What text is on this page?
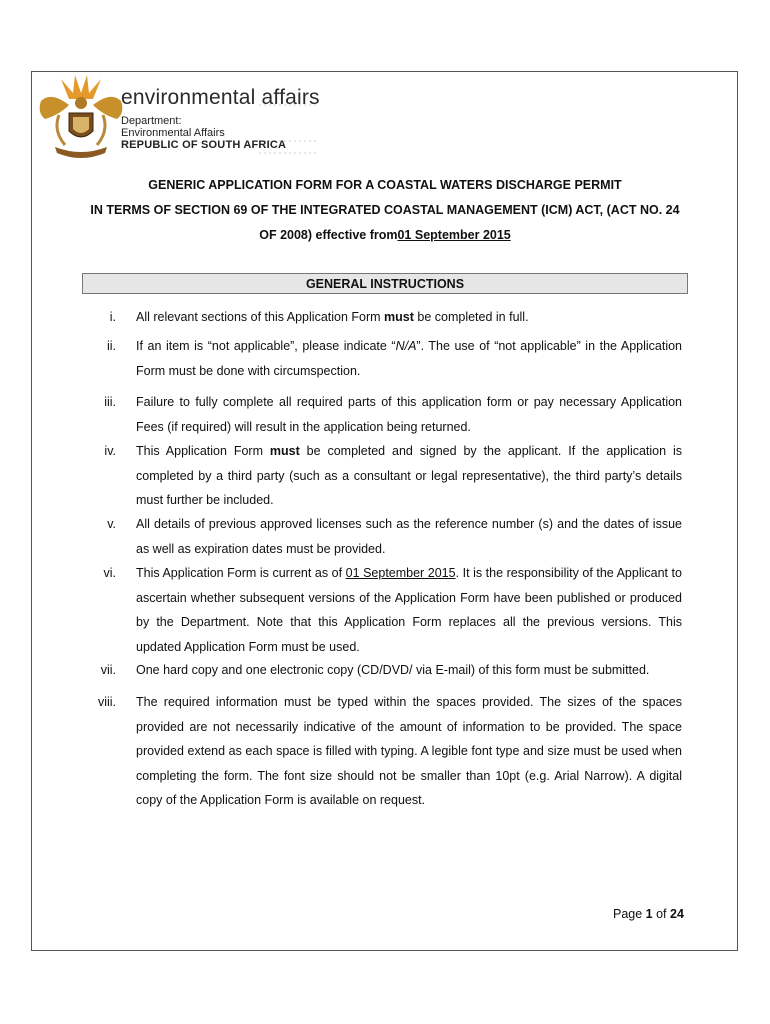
environmental affairs
Department:
Environmental Affairs
REPUBLIC OF SOUTH AFRICA
GENERIC APPLICATION FORM FOR A COASTAL WATERS DISCHARGE PERMIT
IN TERMS OF SECTION 69 OF THE INTEGRATED COASTAL MANAGEMENT (ICM) ACT, (ACT NO. 24
OF 2008) effective from01 September 2015
GENERAL INSTRUCTIONS
i. All relevant sections of this Application Form must be completed in full.
ii. If an item is “not applicable”, please indicate “N/A”. The use of “not applicable” in the Application Form must be done with circumspection.
iii. Failure to fully complete all required parts of this application form or pay necessary Application Fees (if required) will result in the application being returned.
iv. This Application Form must be completed and signed by the applicant. If the application is completed by a third party (such as a consultant or legal representative), the third party’s details must further be included.
v. All details of previous approved licenses such as the reference number (s) and the dates of issue as well as expiration dates must be provided.
vi. This Application Form is current as of 01 September 2015. It is the responsibility of the Applicant to ascertain whether subsequent versions of the Application Form have been published or produced by the Department. Note that this Application Form replaces all the previous versions. This updated Application Form must be used.
vii. One hard copy and one electronic copy (CD/DVD/ via E-mail) of this form must be submitted.
viii. The required information must be typed within the spaces provided. The sizes of the spaces provided are not necessarily indicative of the amount of information to be provided. The space provided extend as each space is filled with typing. A legible font type and size must be used when completing the form. The font size should not be smaller than 10pt (e.g. Arial Narrow). A digital copy of the Application Form is available on request.
Page 1 of 24
